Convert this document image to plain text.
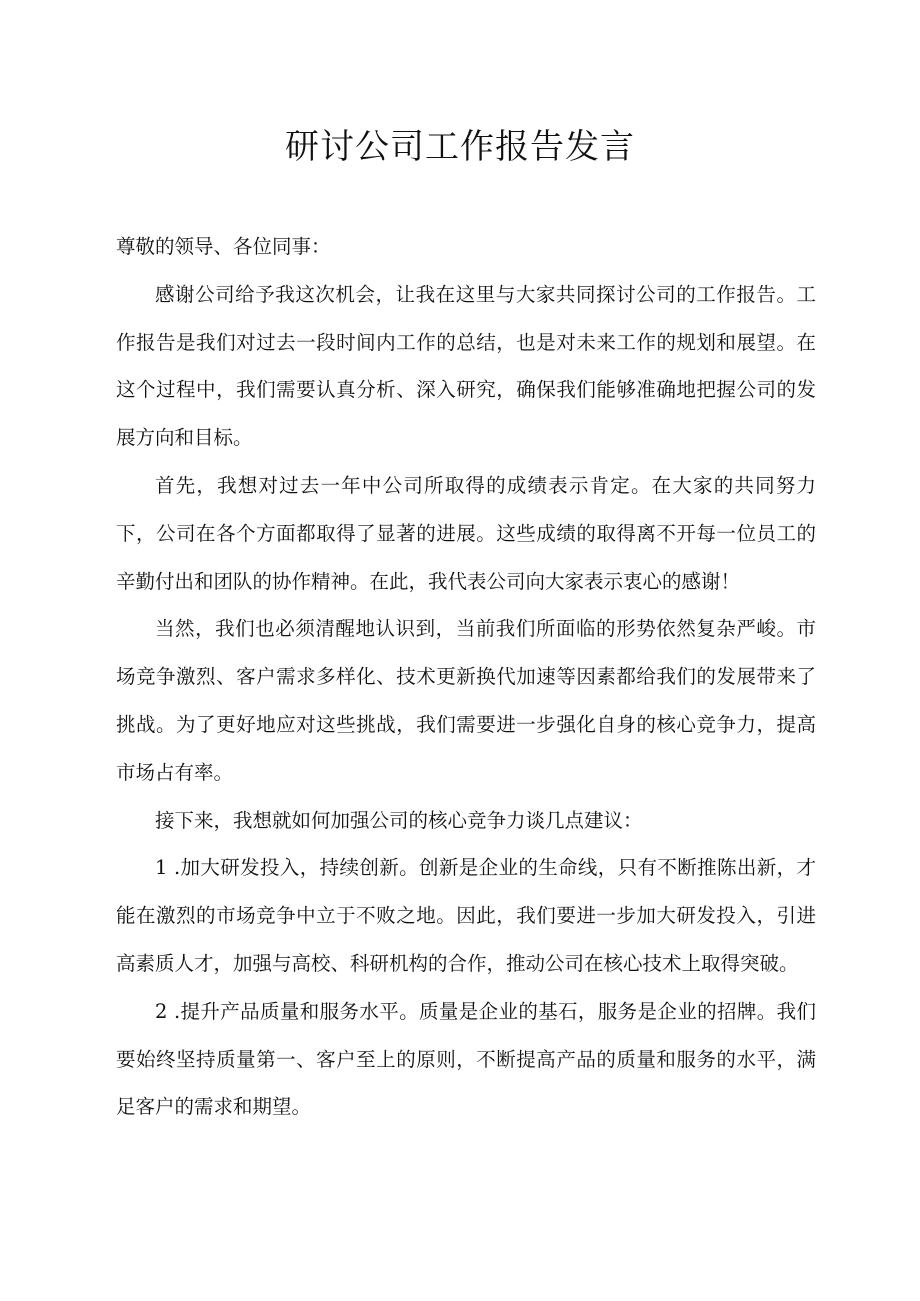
研讨公司工作报告发言

尊敬的领导、各位同事：

感谢公司给予我这次机会，让我在这里与大家共同探讨公司的工作报告。工作报告是我们对过去一段时间内工作的总结，也是对未来工作的规划和展望。在这个过程中，我们需要认真分析、深入研究，确保我们能够准确地把握公司的发展方向和目标。

首先，我想对过去一年中公司所取得的成绩表示肯定。在大家的共同努力下，公司在各个方面都取得了显著的进展。这些成绩的取得离不开每一位员工的辛勤付出和团队的协作精神。在此，我代表公司向大家表示衷心的感谢！

当然，我们也必须清醒地认识到，当前我们所面临的形势依然复杂严峻。市场竞争激烈、客户需求多样化、技术更新换代加速等因素都给我们的发展带来了挑战。为了更好地应对这些挑战，我们需要进一步强化自身的核心竞争力，提高市场占有率。

接下来，我想就如何加强公司的核心竞争力谈几点建议：

1 .加大研发投入，持续创新。创新是企业的生命线，只有不断推陈出新，才能在激烈的市场竞争中立于不败之地。因此，我们要进一步加大研发投入，引进高素质人才，加强与高校、科研机构的合作，推动公司在核心技术上取得突破。

2 .提升产品质量和服务水平。质量是企业的基石，服务是企业的招牌。我们要始终坚持质量第一、客户至上的原则，不断提高产品的质量和服务的水平，满足客户的需求和期望。
